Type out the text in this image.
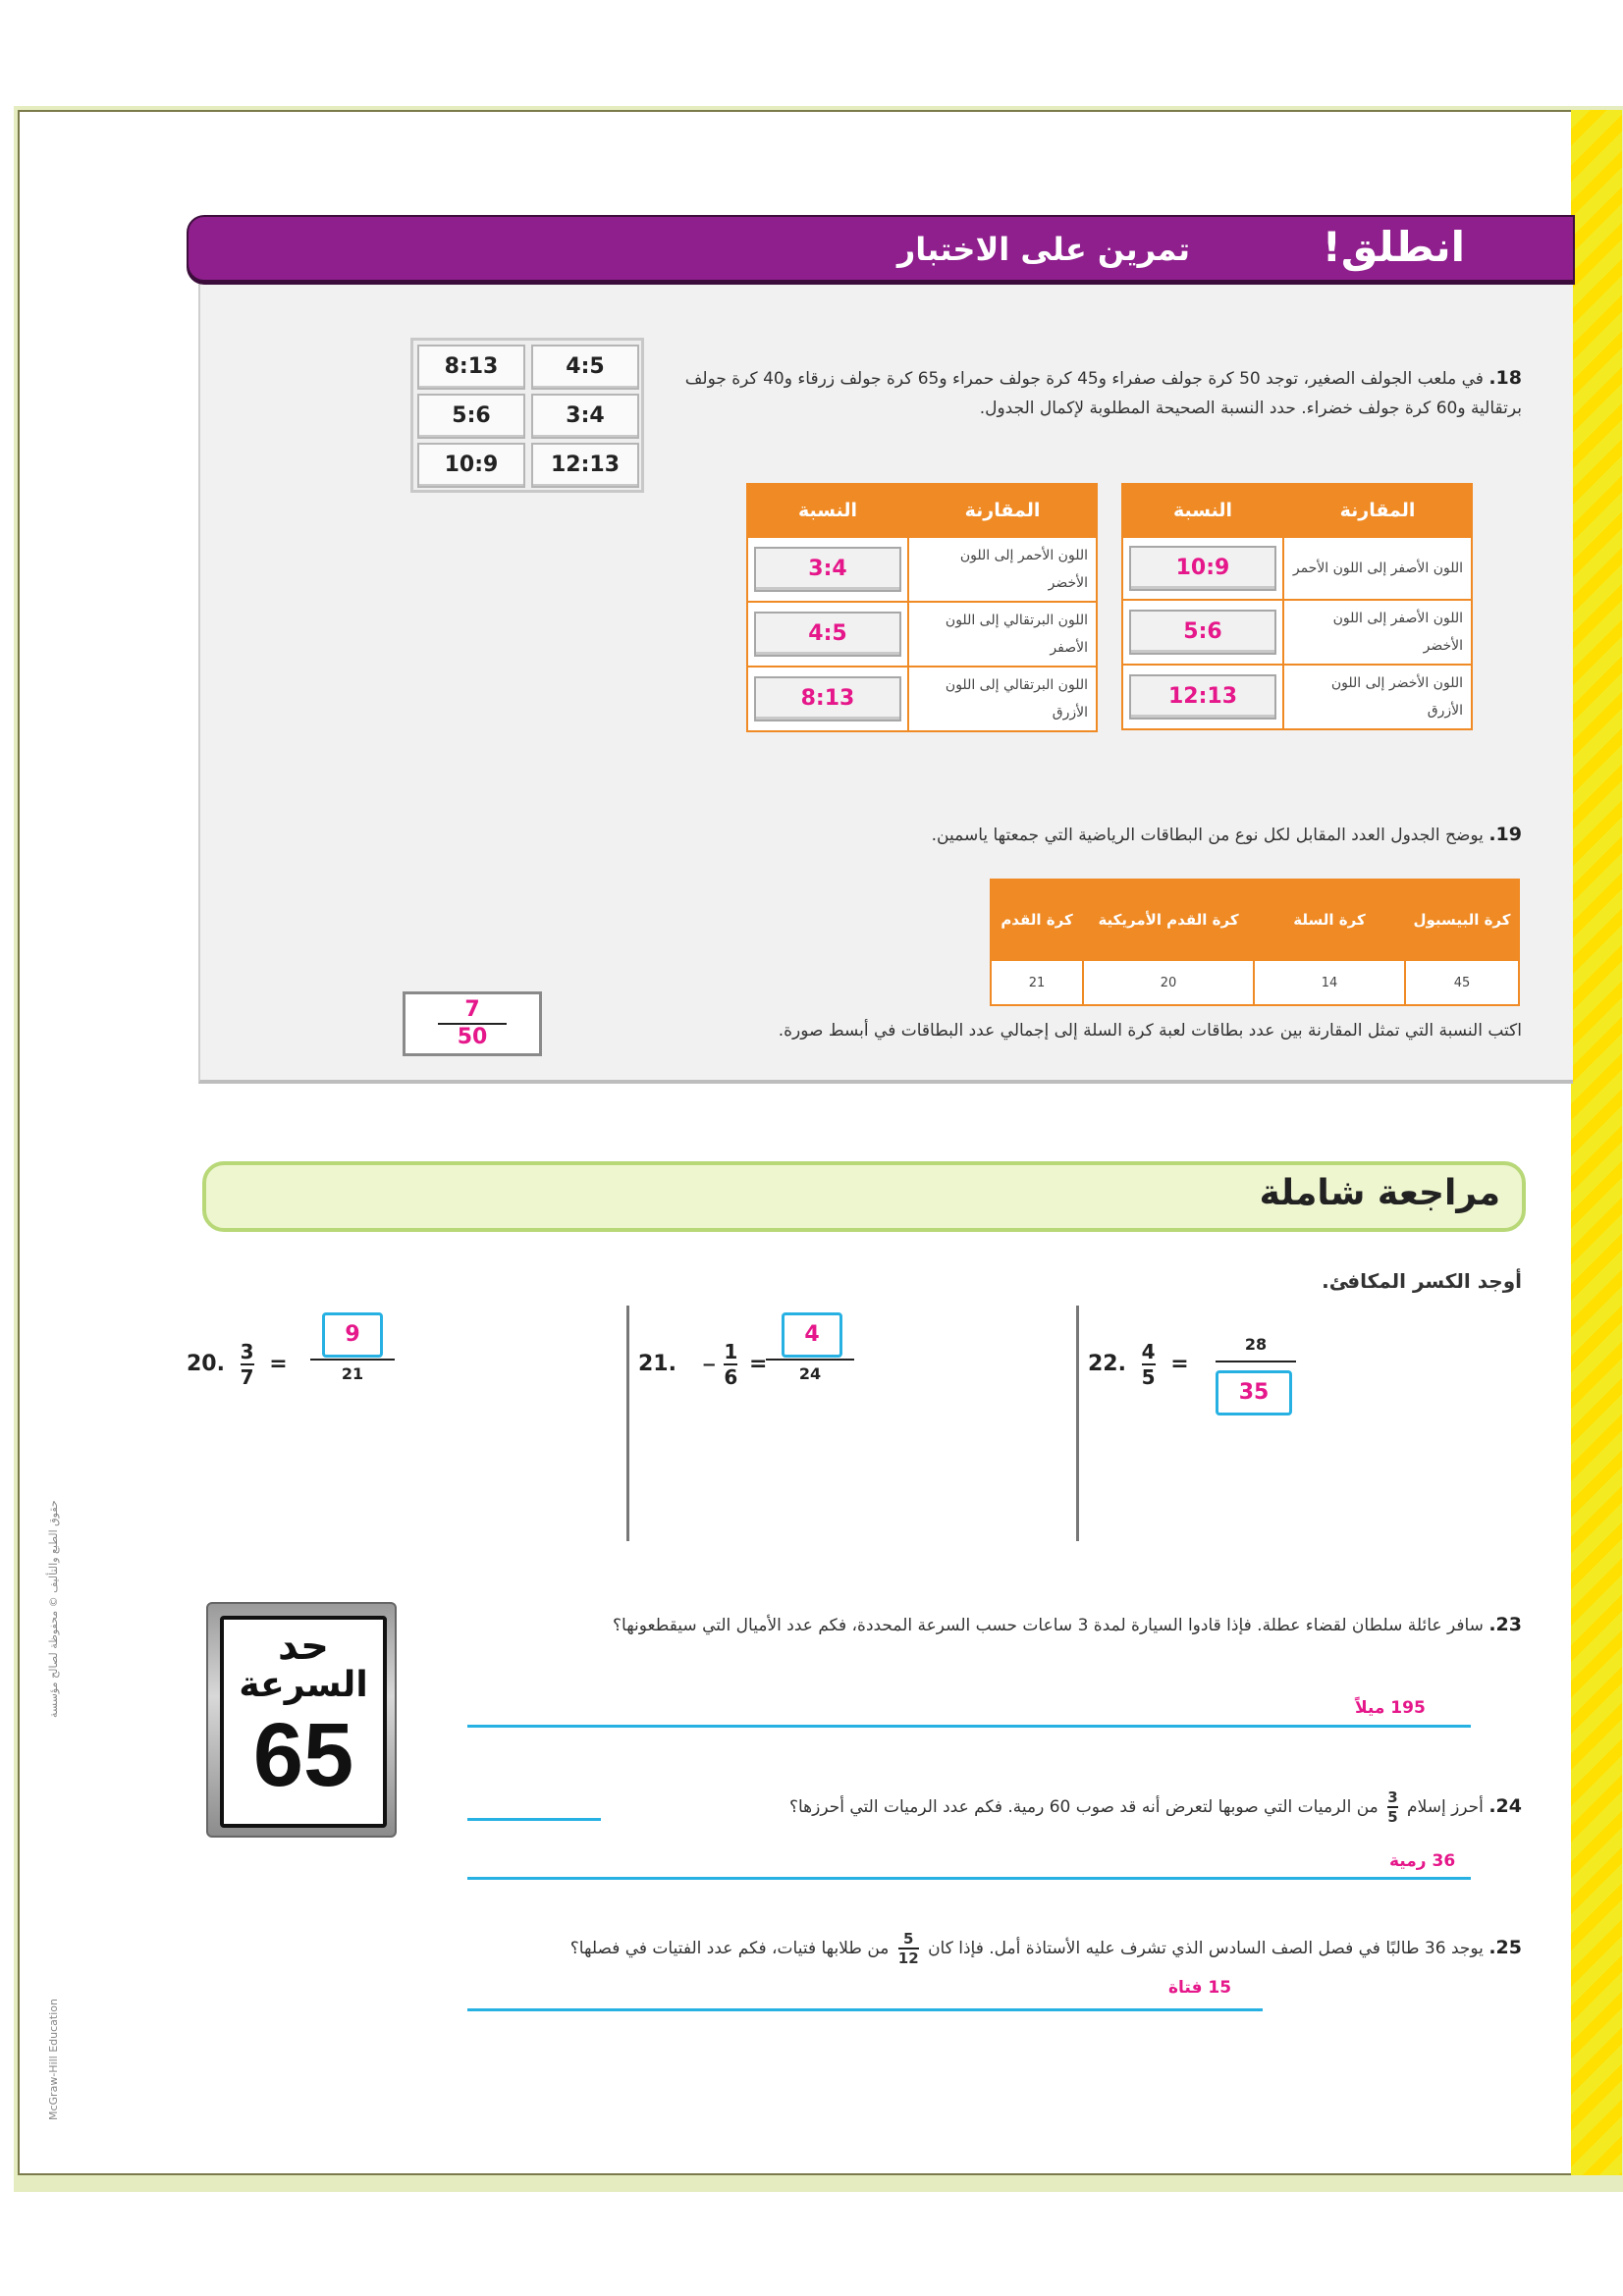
انطلق!
تمرين على الاختبار
18. في ملعب الجولف الصغير، توجد 50 كرة جولف صفراء و45 كرة جولف حمراء و65 كرة جولف زرقاء و40 كرة جولف برتقالية و60 كرة جولف خضراء. حدد النسبة الصحيحة المطلوبة لإكمال الجدول.
8:13	4:5
5:6	3:4
10:9	12:13
النسبة	المقارنة

10:9	اللون الأصفر إلى اللون الأحمر

5:6	اللون الأصفر إلى اللون الأخضر

12:13	اللون الأخضر إلى اللون الأزرق
النسبة	المقارنة

3:4	اللون الأحمر إلى اللون الأخضر

4:5	اللون البرتقالي إلى اللون الأصفر

8:13	اللون البرتقالي إلى اللون الأزرق
19. يوضح الجدول العدد المقابل لكل نوع من البطاقات الرياضية التي جمعتها ياسمين.
كرة القدم	كرة القدم الأمريكية	كرة السلة	كرة البيسبول
21	20	14	45
اكتب النسبة التي تمثل المقارنة بين عدد بطاقات لعبة كرة السلة إلى إجمالي عدد البطاقات في أبسط صورة.
7
50
مراجعة شاملة
أوجد الكسر المكافئ.
20. $\frac{3}{7}$ =
9
21	21. − $\frac{1}{6}$ =
4
24	22. $\frac{4}{5}$ =
28
35
حد
السرعة
65
23. سافر عائلة سلطان لقضاء عطلة. فإذا قادوا السيارة لمدة 3 ساعات حسب السرعة المحددة، فكم عدد الأميال التي سيقطعونها؟
195 ميلاً
24. أحرز إسلام
$\frac{3}{5}$
من الرميات التي صوبها لتعرض أنه قد صوب 60 رمية. فكم عدد الرميات التي أحرزها؟
36 رمية
25. يوجد 36 طالبًا في فصل الصف السادس الذي تشرف عليه الأستاذة أمل. فإذا كان
$\frac{5}{12}$
من طلابها فتيات، فكم عدد الفتيات في فصلها؟
15 فتاة
حقوق الطبع والتأليف © محفوظة لصالح مؤسسة
McGraw-Hill Education
